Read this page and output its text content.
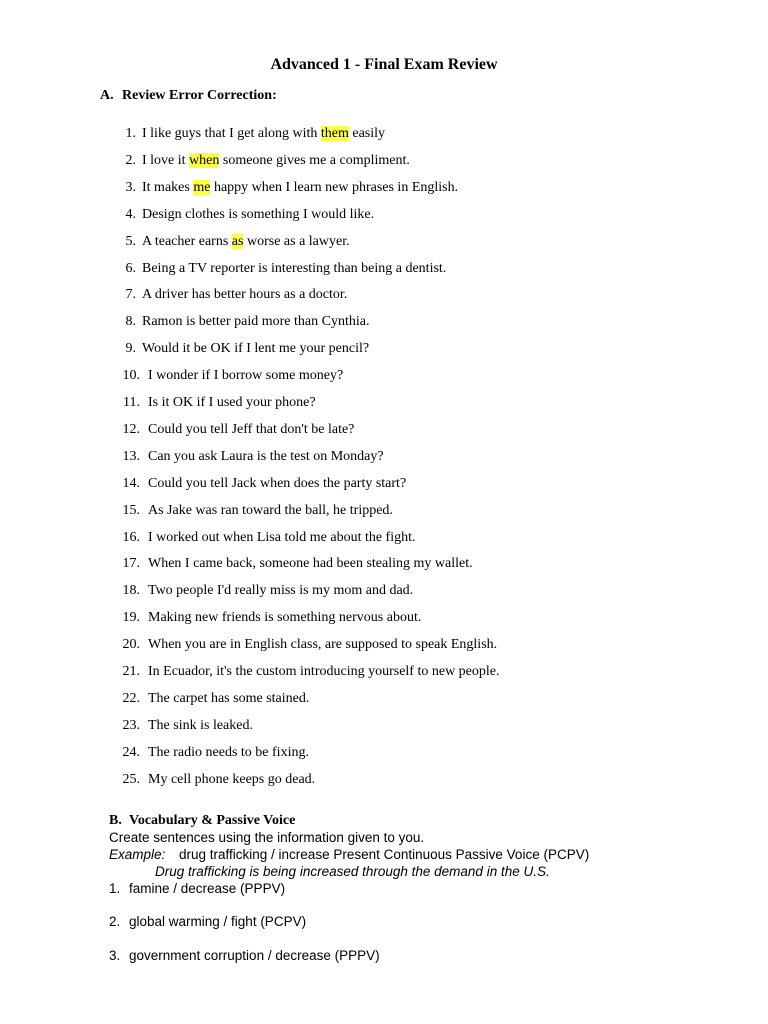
Advanced 1 - Final Exam Review
A. Review Error Correction:
1. I like guys that I get along with them easily
2. I love it when someone gives me a compliment.
3. It makes me happy when I learn new phrases in English.
4. Design clothes is something I would like.
5. A teacher earns as worse as a lawyer.
6. Being a TV reporter is interesting than being a dentist.
7. A driver has better hours as a doctor.
8. Ramon is better paid more than Cynthia.
9. Would it be OK if I lent me your pencil?
10. I wonder if I borrow some money?
11. Is it OK if I used your phone?
12. Could you tell Jeff that don't be late?
13. Can you ask Laura is the test on Monday?
14. Could you tell Jack when does the party start?
15. As Jake was ran toward the ball, he tripped.
16. I worked out when Lisa told me about the fight.
17. When I came back, someone had been stealing my wallet.
18. Two people I'd really miss is my mom and dad.
19. Making new friends is something nervous about.
20. When you are in English class, are supposed to speak English.
21. In Ecuador, it's the custom introducing yourself to new people.
22. The carpet has some stained.
23. The sink is leaked.
24. The radio needs to be fixing.
25. My cell phone keeps go dead.
B. Vocabulary & Passive Voice
Create sentences using the information given to you.
Example: drug trafficking / increase Present Continuous Passive Voice (PCPV)
Drug trafficking is being increased through the demand in the U.S.
1. famine / decrease (PPPV)
2. global warming / fight (PCPV)
3. government corruption / decrease (PPPV)
